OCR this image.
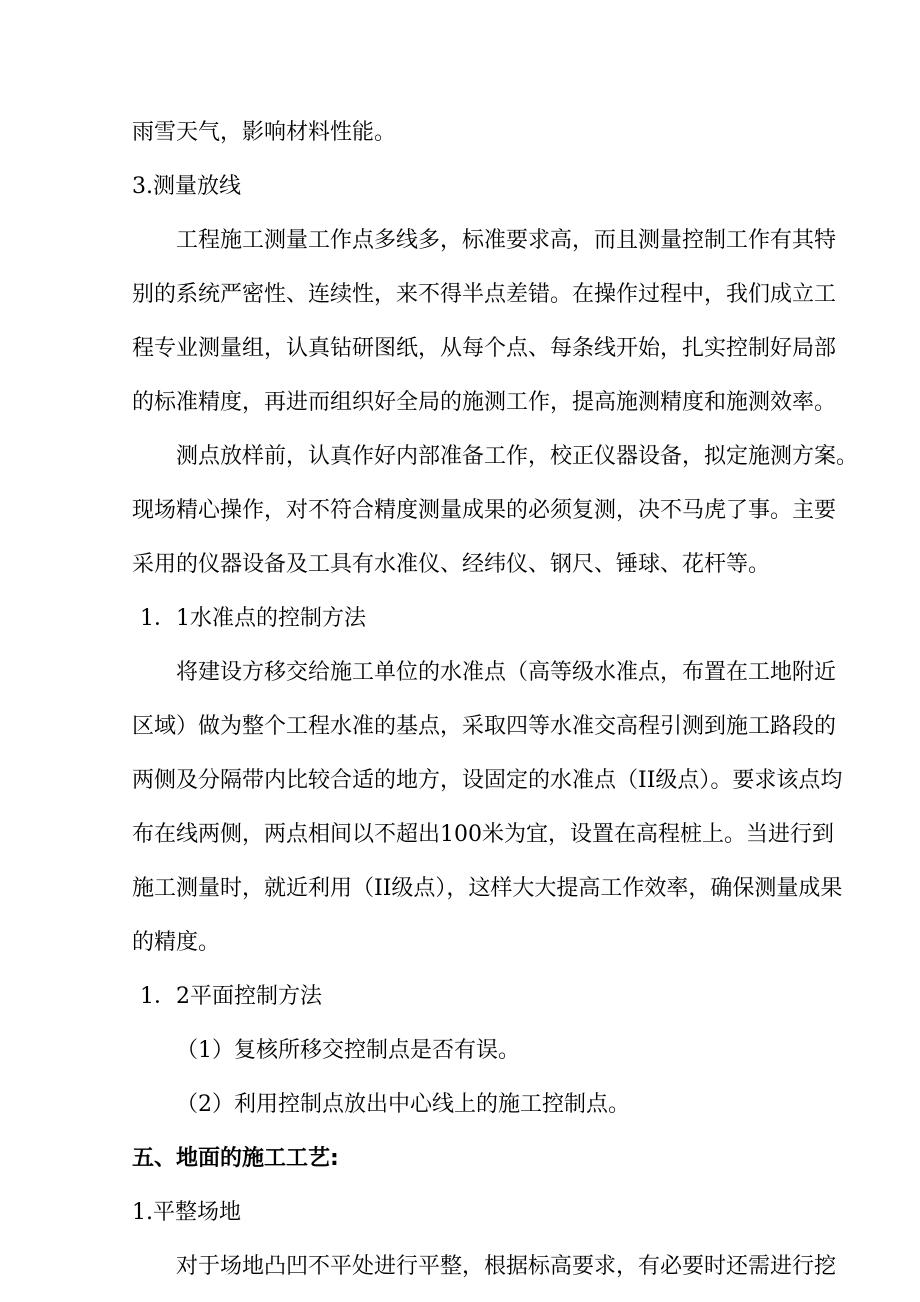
雨雪天气，影响材料性能。
3.测量放线
工程施工测量工作点多线多，标准要求高，而且测量控制工作有其特
别的系统严密性、连续性，来不得半点差错。在操作过程中，我们成立工
程专业测量组，认真钻研图纸，从每个点、每条线开始，扎实控制好局部
的标准精度，再进而组织好全局的施测工作，提高施测精度和施测效率。
测点放样前，认真作好内部准备工作，校正仪器设备，拟定施测方案。
现场精心操作，对不符合精度测量成果的必须复测，决不马虎了事。主要
采用的仪器设备及工具有水准仪、经纬仪、钢尺、锤球、花杆等。
1．1水准点的控制方法
将建设方移交给施工单位的水准点（高等级水准点，布置在工地附近
区域）做为整个工程水准的基点，采取四等水准交高程引测到施工路段的
两侧及分隔带内比较合适的地方，设固定的水准点（II级点）。要求该点均
布在线两侧，两点相间以不超出100米为宜，设置在高程桩上。当进行到
施工测量时，就近利用（II级点），这样大大提高工作效率，确保测量成果
的精度。
1．2平面控制方法
（1）复核所移交控制点是否有误。
（2）利用控制点放出中心线上的施工控制点。
五、地面的施工工艺:
1.平整场地
对于场地凸凹不平处进行平整，根据标高要求，有必要时还需进行挖
